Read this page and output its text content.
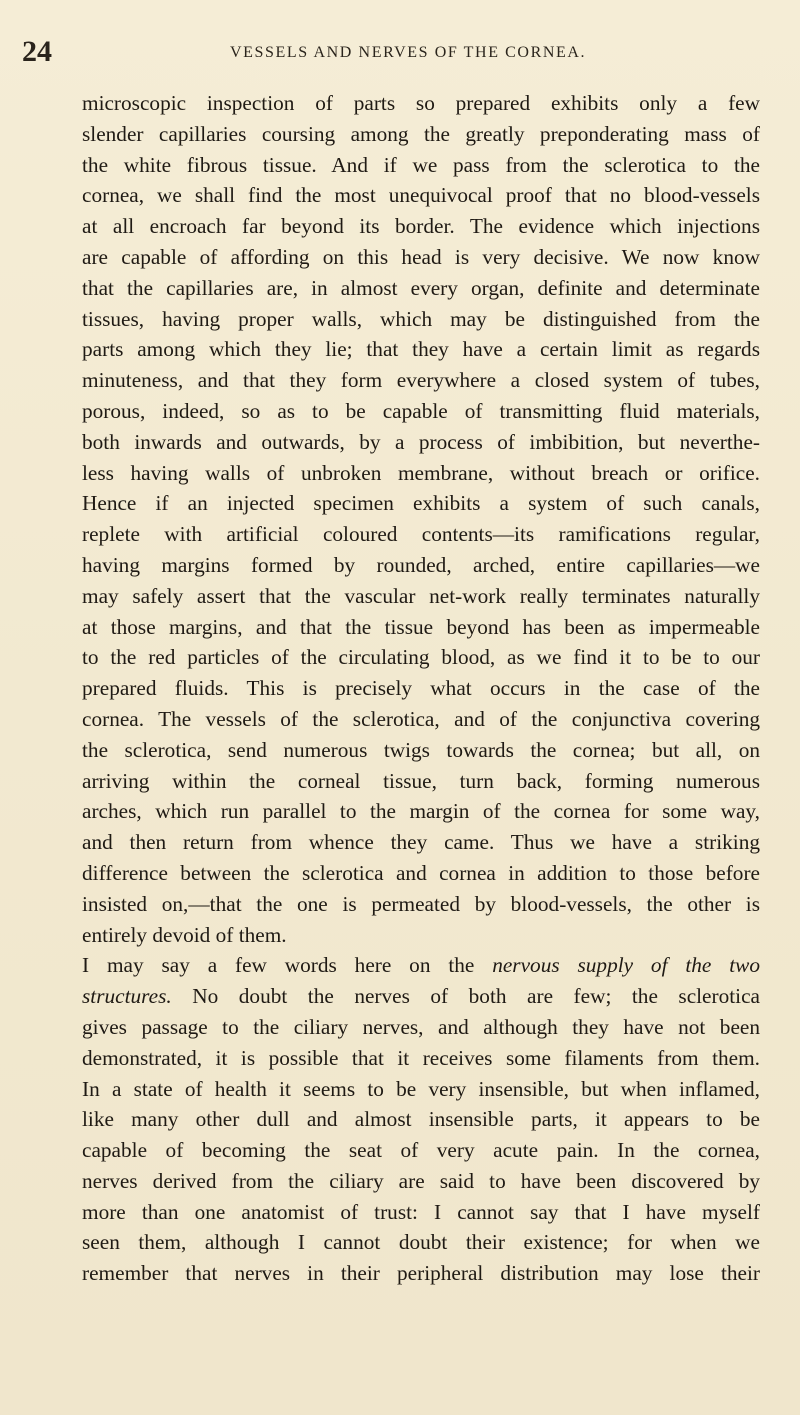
24	VESSELS AND NERVES OF THE CORNEA.

microscopic inspection of parts so prepared exhibits only a few

slender capillaries coursing among the greatly preponderating mass of

the white fibrous tissue. And if we pass from the sclerotica to the

cornea, we shall find the most unequivocal proof that no blood-vessels

at all encroach far beyond its border. The evidence which injections

are capable of affording on this head is very decisive. We now know

that the capillaries are, in almost every organ, definite and determinate

tissues, having proper walls, which may be distinguished from the

parts among which they lie; that they have a certain limit as regards

minuteness, and that they form everywhere a closed system of tubes,

porous, indeed, so as to be capable of transmitting fluid materials,

both inwards and outwards, by a process of imbibition, but neverthe-

less having walls of unbroken membrane, without breach or orifice.

Hence if an injected specimen exhibits a system of such canals,

replete with artificial coloured contents—its ramifications regular,

having margins formed by rounded, arched, entire capillaries—we

may safely assert that the vascular net-work really terminates naturally

at those margins, and that the tissue beyond has been as impermeable

to the red particles of the circulating blood, as we find it to be to our

prepared fluids. This is precisely what occurs in the case of the

cornea. The vessels of the sclerotica, and of the conjunctiva covering

the sclerotica, send numerous twigs towards the cornea; but all, on

arriving within the corneal tissue, turn back, forming numerous

arches, which run parallel to the margin of the cornea for some way,

and then return from whence they came. Thus we have a striking

difference between the sclerotica and cornea in addition to those before

insisted on,—that the one is permeated by blood-vessels, the other is

entirely devoid of them.

I may say a few words here on the nervous supply of the two

structures. No doubt the nerves of both are few; the sclerotica

gives passage to the ciliary nerves, and although they have not been

demonstrated, it is possible that it receives some filaments from them.

In a state of health it seems to be very insensible, but when inflamed,

like many other dull and almost insensible parts, it appears to be

capable of becoming the seat of very acute pain. In the cornea,

nerves derived from the ciliary are said to have been discovered by

more than one anatomist of trust: I cannot say that I have myself

seen them, although I cannot doubt their existence; for when we

remember that nerves in their peripheral distribution may lose their
